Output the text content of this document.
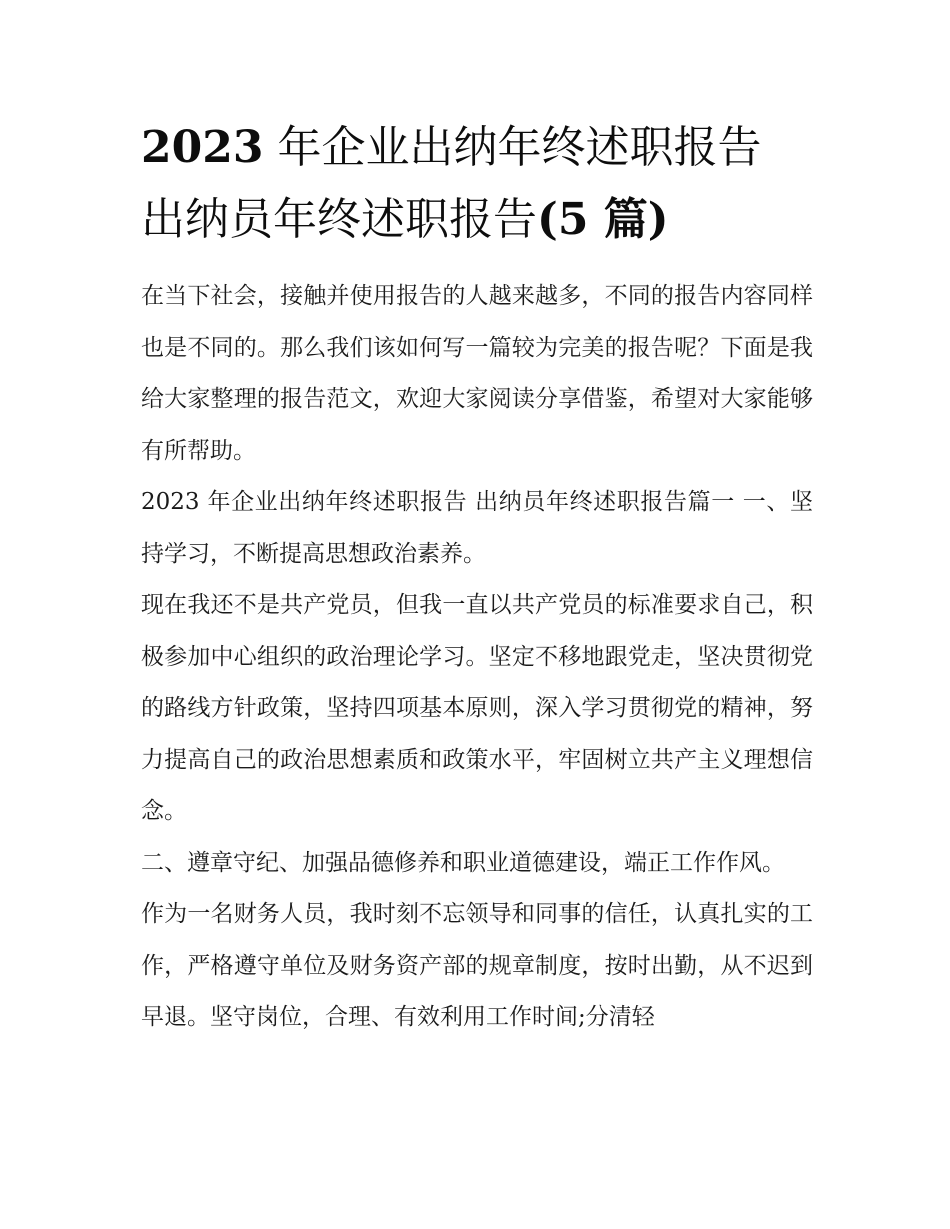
2023 年企业出纳年终述职报告
出纳员年终述职报告(5 篇)

在当下社会，接触并使用报告的人越来越多，不同的报告内容同样也是不同的。那么我们该如何写一篇较为完美的报告呢？下面是我给大家整理的报告范文，欢迎大家阅读分享借鉴，希望对大家能够有所帮助。

2023 年企业出纳年终述职报告 出纳员年终述职报告篇一 一、坚持学习，不断提高思想政治素养。

现在我还不是共产党员，但我一直以共产党员的标准要求自己，积极参加中心组织的政治理论学习。坚定不移地跟党走，坚决贯彻党的路线方针政策，坚持四项基本原则，深入学习贯彻党的精神，努力提高自己的政治思想素质和政策水平，牢固树立共产主义理想信念。

二、遵章守纪、加强品德修养和职业道德建设，端正工作作风。

作为一名财务人员，我时刻不忘领导和同事的信任，认真扎实的工作，严格遵守单位及财务资产部的规章制度，按时出勤，从不迟到早退。坚守岗位，合理、有效利用工作时间;分清轻
